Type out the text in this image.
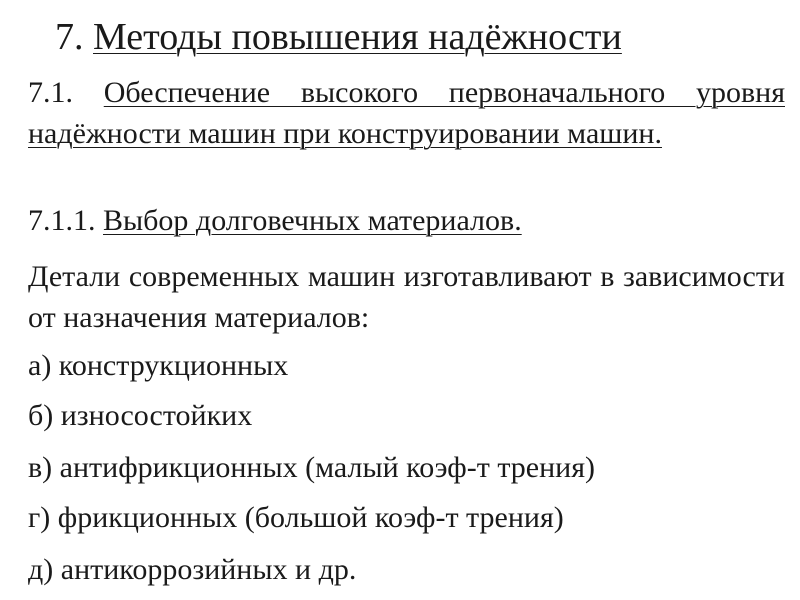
7. Методы повышения надёжности

7.1. Обеспечение высокого первоначального уровня надёжности машин при конструировании машин.

7.1.1. Выбор долговечных материалов.

Детали современных машин изготавливают в зависимости от назначения материалов:

а) конструкционных

б) износостойких

в) антифрикционных (малый коэф-т трения)

г) фрикционных (большой коэф-т трения)

д) антикоррозийных и др.
